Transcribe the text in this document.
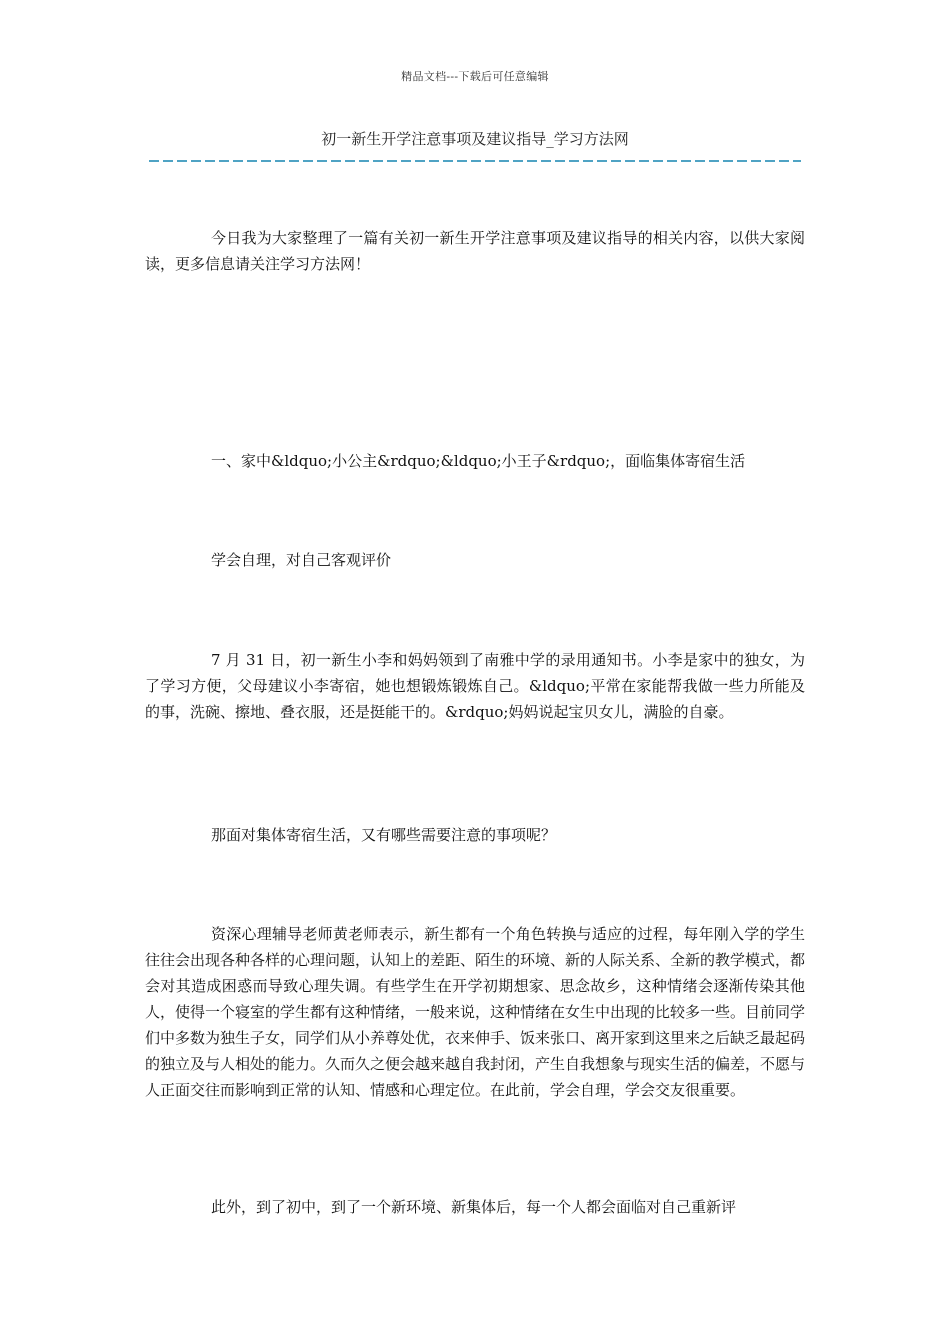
精品文档---下载后可任意编辑
初一新生开学注意事项及建议指导_学习方法网

今日我为大家整理了一篇有关初一新生开学注意事项及建议指导的相关内容，以供大家阅读，更多信息请关注学习方法网！

一、家中&ldquo;小公主&rdquo;&ldquo;小王子&rdquo;，面临集体寄宿生活

学会自理，对自己客观评价

7 月 31 日，初一新生小李和妈妈领到了南雅中学的录用通知书。小李是家中的独女，为了学习方便，父母建议小李寄宿，她也想锻炼锻炼自己。&ldquo;平常在家能帮我做一些力所能及的事，洗碗、擦地、叠衣服，还是挺能干的。&rdquo;妈妈说起宝贝女儿，满脸的自豪。

那面对集体寄宿生活，又有哪些需要注意的事项呢？

资深心理辅导老师黄老师表示，新生都有一个角色转换与适应的过程，每年刚入学的学生往往会出现各种各样的心理问题，认知上的差距、陌生的环境、新的人际关系、全新的教学模式，都会对其造成困惑而导致心理失调。有些学生在开学初期想家、思念故乡，这种情绪会逐渐传染其他人，使得一个寝室的学生都有这种情绪，一般来说，这种情绪在女生中出现的比较多一些。目前同学们中多数为独生子女，同学们从小养尊处优，衣来伸手、饭来张口、离开家到这里来之后缺乏最起码的独立及与人相处的能力。久而久之便会越来越自我封闭，产生自我想象与现实生活的偏差，不愿与人正面交往而影响到正常的认知、情感和心理定位。在此前，学会自理，学会交友很重要。

此外，到了初中，到了一个新环境、新集体后，每一个人都会面临对自己重新评
